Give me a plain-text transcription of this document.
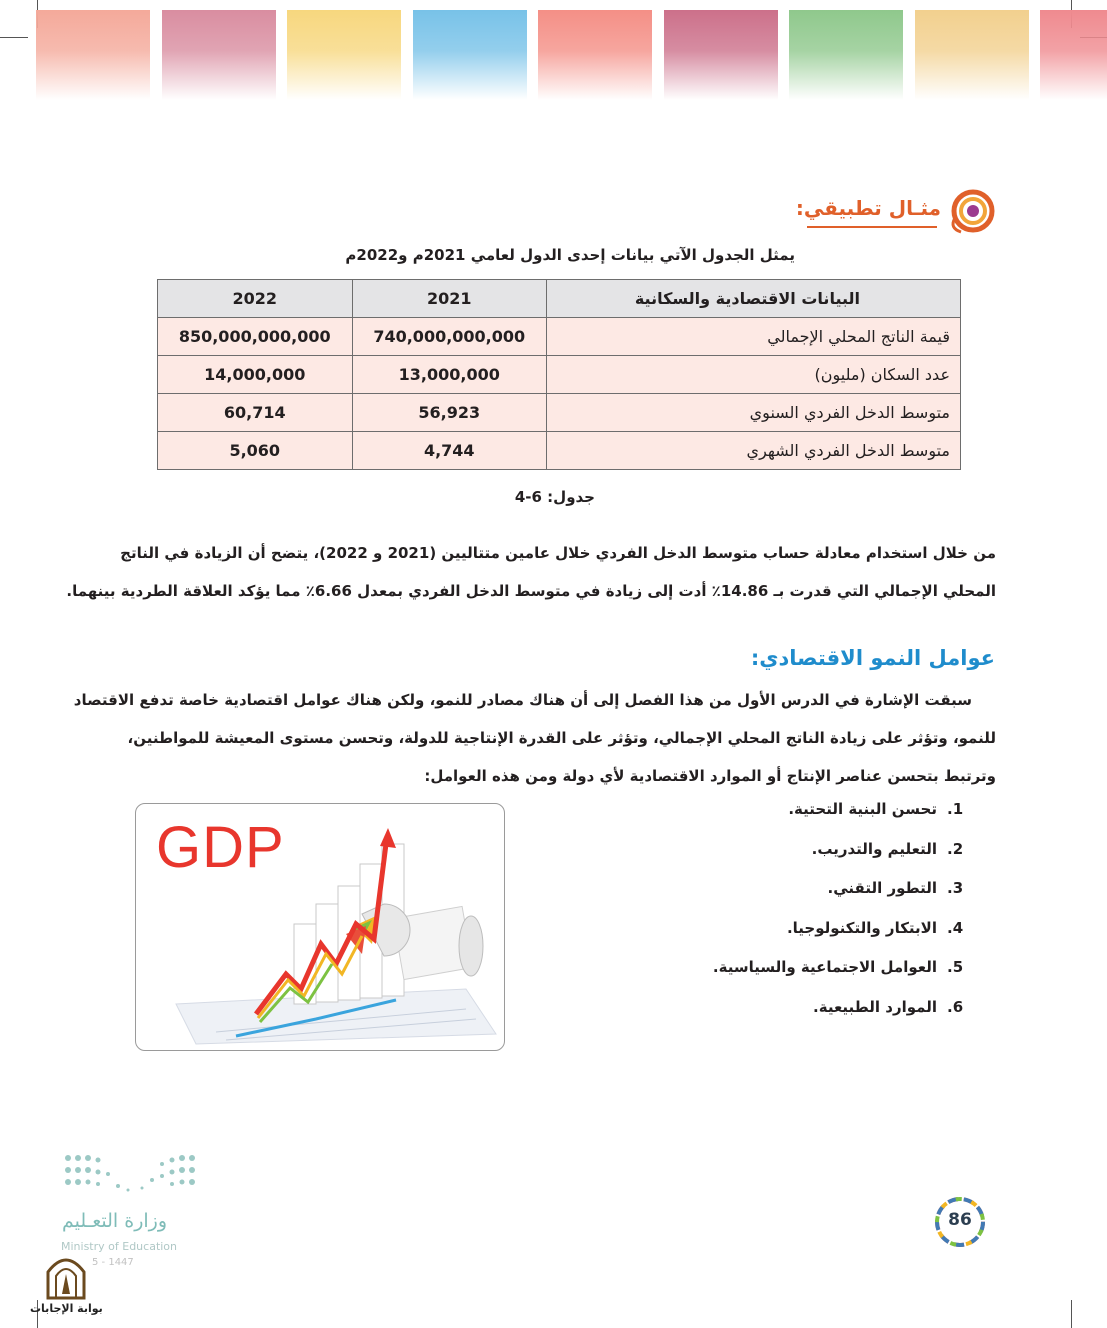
مثـال تطبيقي:
يمثل الجدول الآتي بيانات إحدى الدول لعامي 2021م و2022م
2022	2021	البيانات الاقتصادية والسكانية
850,000,000,000	740,000,000,000	قيمة الناتج المحلي الإجمالي
14,000,000	13,000,000	عدد السكان (مليون)
60,714	56,923	متوسط الدخل الفردي السنوي
5,060	4,744	متوسط الدخل الفردي الشهري
جدول: 6-4
من خلال استخدام معادلة حساب متوسط الدخل الفردي خلال عامين متتاليين (2021 و 2022)، يتضح أن الزيادة في الناتج
المحلي الإجمالي التي قدرت بـ 14.86٪ أدت إلى زيادة في متوسط الدخل الفردي بمعدل 6.66٪ مما يؤكد العلاقة الطردية بينهما.
عوامل النمو الاقتصادي:
سبقت الإشارة في الدرس الأول من هذا الفصل إلى أن هناك مصادر للنمو، ولكن هناك عوامل اقتصادية خاصة تدفع الاقتصاد
للنمو، وتؤثر على زيادة الناتج المحلي الإجمالي، وتؤثر على القدرة الإنتاجية للدولة، وتحسن مستوى المعيشة للمواطنين،
وترتبط بتحسن عناصر الإنتاج أو الموارد الاقتصادية لأي دولة ومن هذه العوامل:
1.
تحسن البنية التحتية.
2.
التعليم والتدريب.
3.
التطور التقني.
4.
الابتكار والتكنولوجيا.
5.
العوامل الاجتماعية والسياسية.
6.
الموارد الطبيعية.
GDP
وزارة التعـليم
Ministry of Education
5 - 1447
بوابة الإجابات
86
